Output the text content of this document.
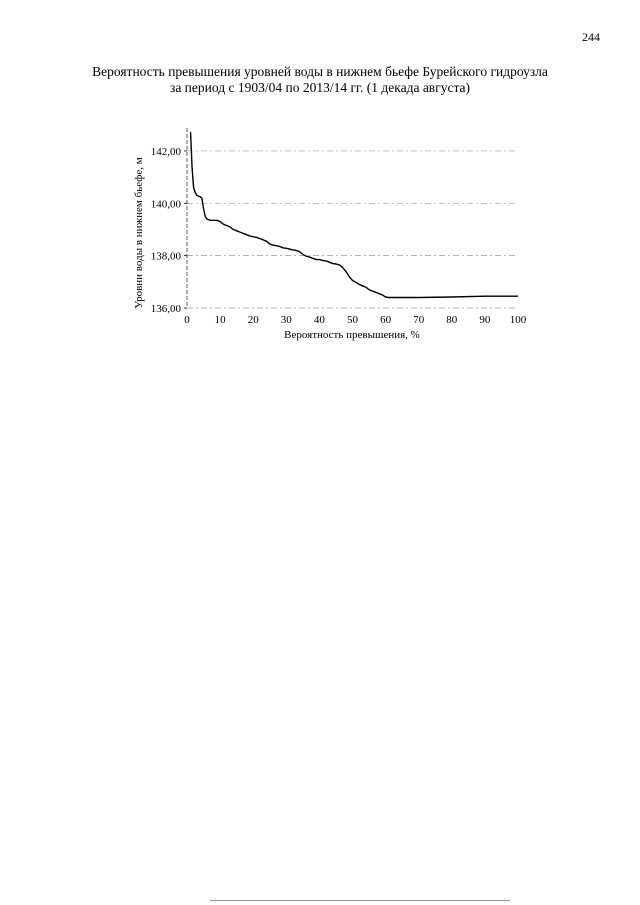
244
Вероятность превышения уровней воды в нижнем бьефе Бурейского гидроузла
за период с 1903/04 по 2013/14 гг. (1 декада августа)
136,00
138,00
140,00
142,00
0 10 20 30 40 50 60 70 80 90 100
Вероятность превышения, %
Уровни воды в нижнем бьефе, м
